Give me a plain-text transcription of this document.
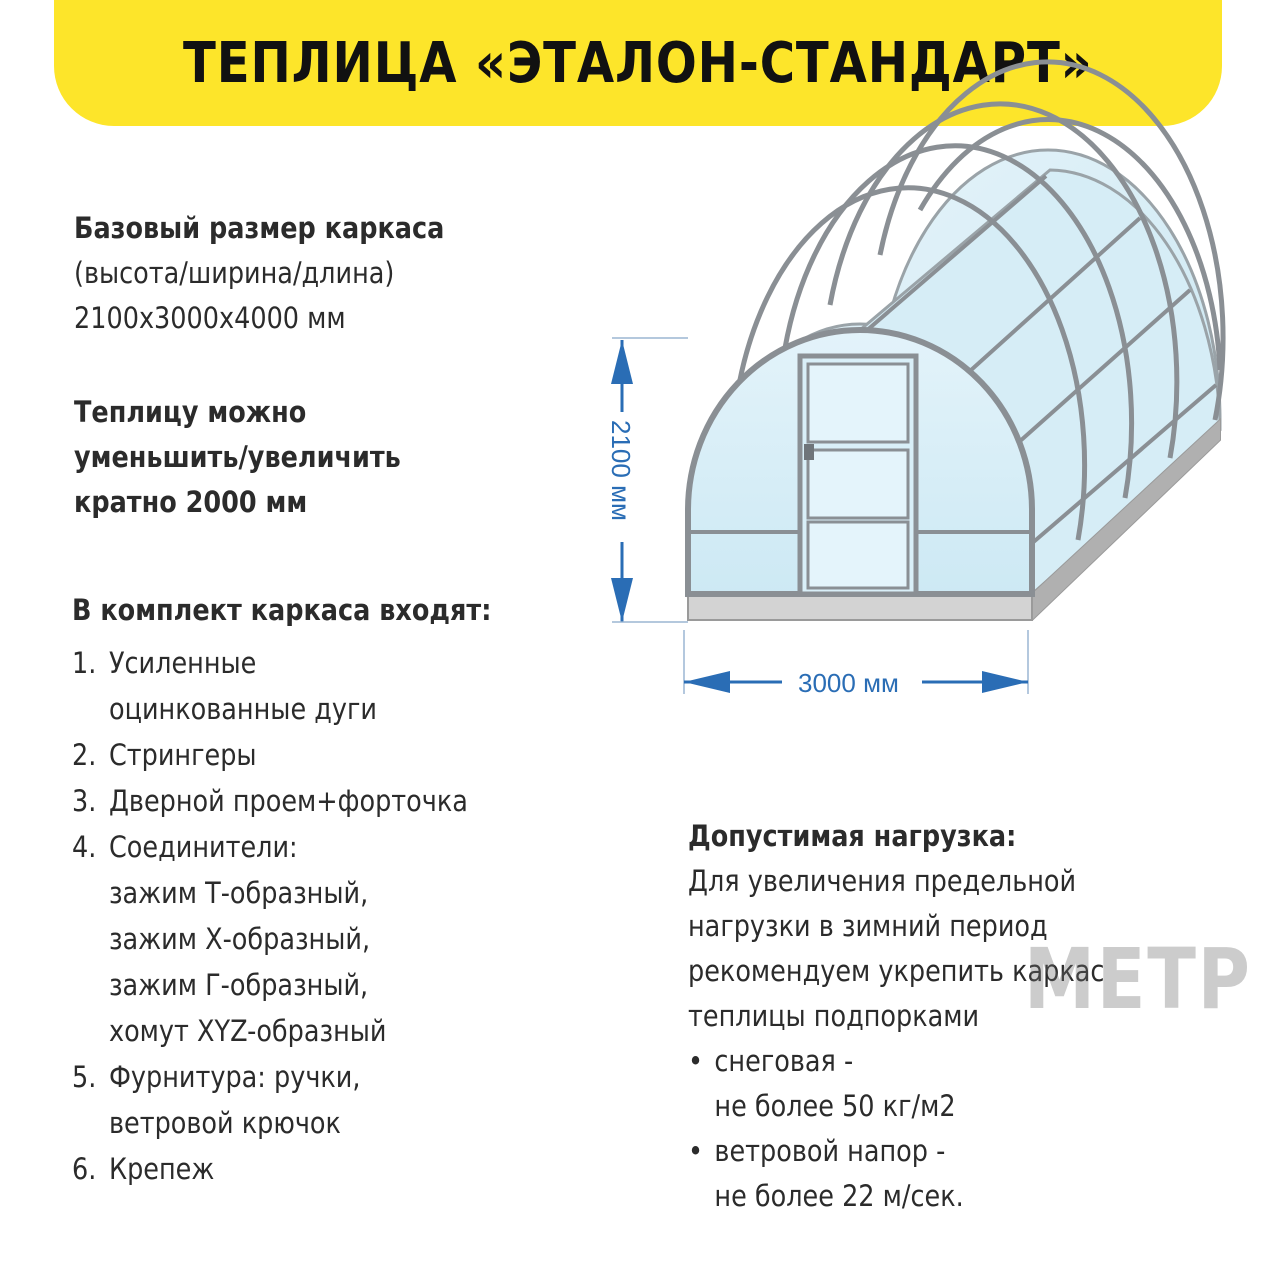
ТЕПЛИЦА «ЭТАЛОН-СТАНДАРТ»
Базовый размер каркаса
(высота/ширина/длина)
2100х3000х4000 мм
Теплицу можно
уменьшить/увеличить
кратно 2000 мм
В комплект каркаса входят:
1. Усиленные
оцинкованные дуги
2. Стрингеры
3. Дверной проем+форточка
4. Соединители:
зажим Т-образный,
зажим Х-образный,
зажим Г-образный,
хомут XYZ-образный
5. Фурнитура: ручки,
ветровой крючок
6. Крепеж
Допустимая нагрузка:
Для увеличения предельной
нагрузки в зимний период
рекомендуем укрепить каркас
теплицы подпорками
• снеговая -
не более 50 кг/м2
• ветровой напор -
не более 22 м/сек.
2100 мм
3000 мм
МЕТР
